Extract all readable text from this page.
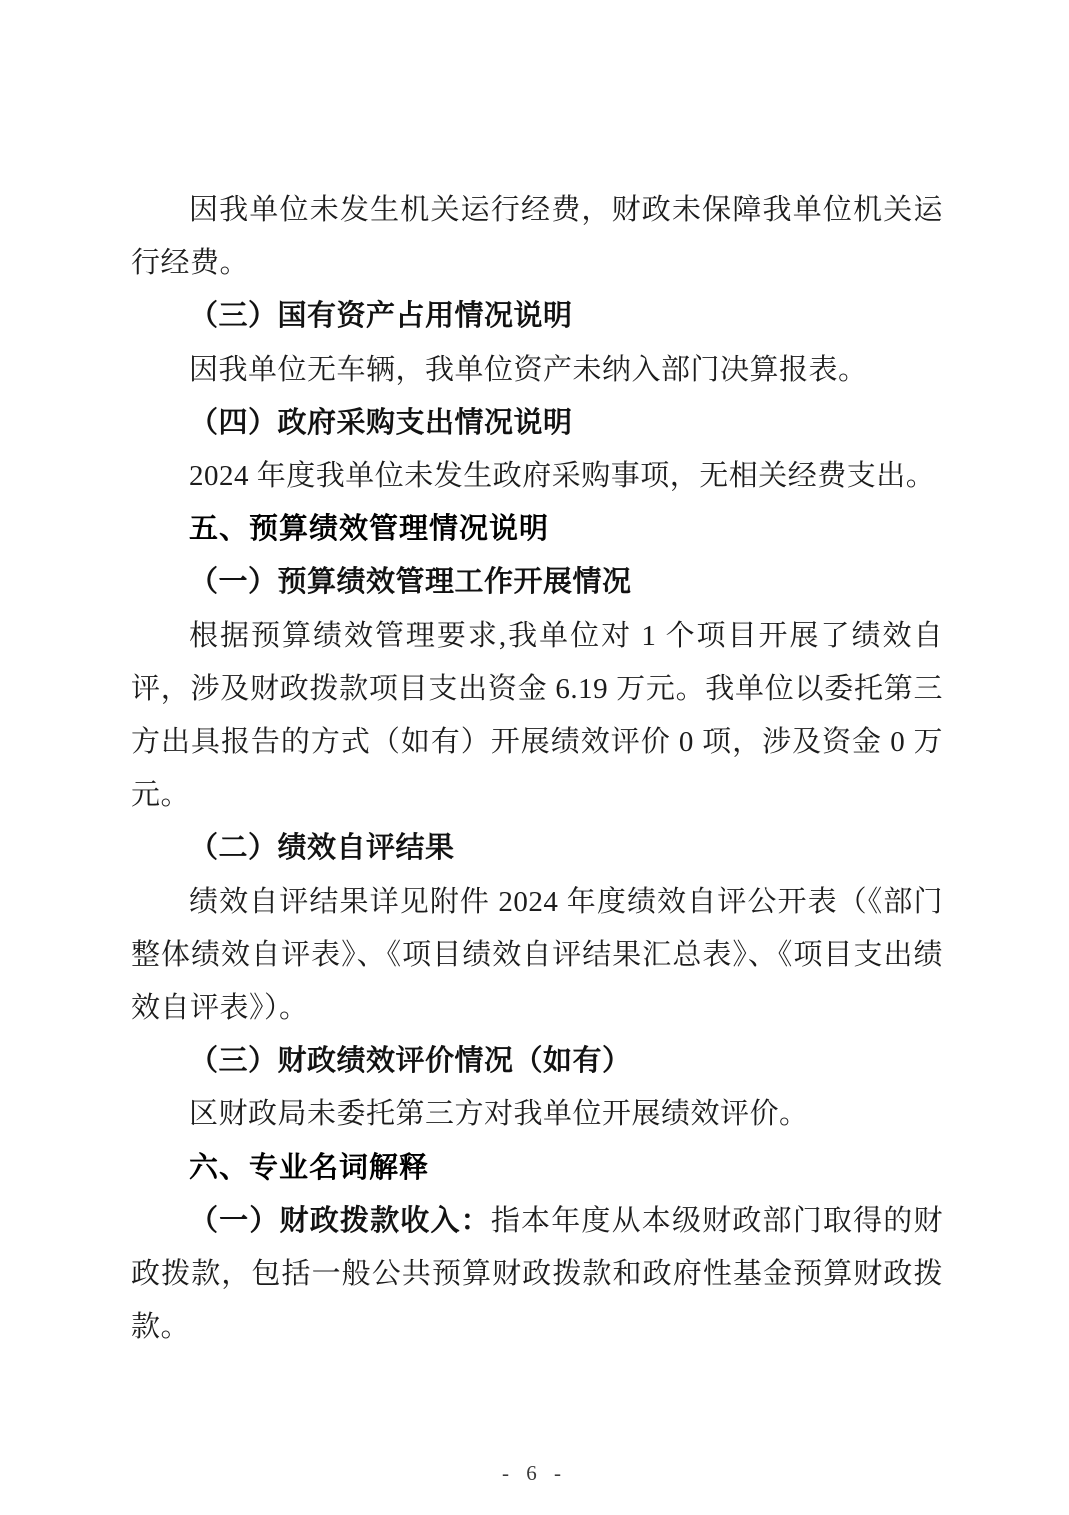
因我单位未发生机关运行经费，财政未保障我单位机关运行经费。

（三）国有资产占用情况说明

因我单位无车辆，我单位资产未纳入部门决算报表。

（四）政府采购支出情况说明

2024 年度我单位未发生政府采购事项，无相关经费支出。

五、预算绩效管理情况说明

（一）预算绩效管理工作开展情况

根据预算绩效管理要求,我单位对 1 个项目开展了绩效自评，涉及财政拨款项目支出资金 6.19 万元。我单位以委托第三方出具报告的方式（如有）开展绩效评价 0 项，涉及资金 0 万元。

（二）绩效自评结果

绩效自评结果详见附件 2024 年度绩效自评公开表（《部门整体绩效自评表》、《项目绩效自评结果汇总表》、《项目支出绩效自评表》）。

（三）财政绩效评价情况（如有）

区财政局未委托第三方对我单位开展绩效评价。

六、专业名词解释

（一）财政拨款收入：指本年度从本级财政部门取得的财政拨款，包括一般公共预算财政拨款和政府性基金预算财政拨款。

- 6 -
